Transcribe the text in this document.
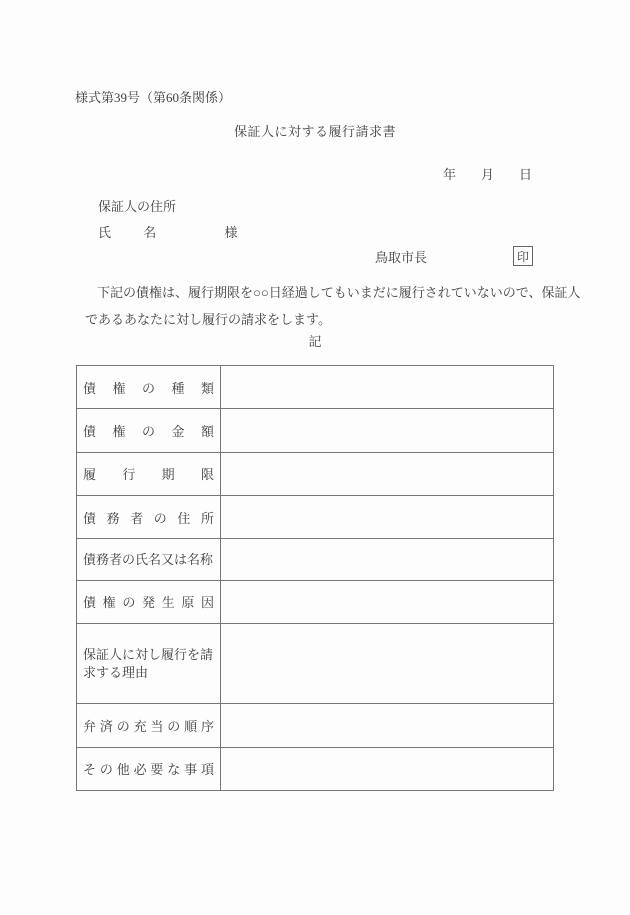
様式第39号（第60条関係）
保証人に対する履行請求書
年 月 日
保証人の住所
氏 名	様
鳥取市長	印
下記の債権は、履行期限を○○日経過してもいまだに履行されていないので、保証人
であるあなたに対し履行の請求をします。
記
債権の種類	
債権の金額	
履行期限	
債務者の住所	
債務者の氏名又は名称	
債権の発生原因	
保証人に対し履行を請求する理由	
弁済の充当の順序	
その他必要な事項	
